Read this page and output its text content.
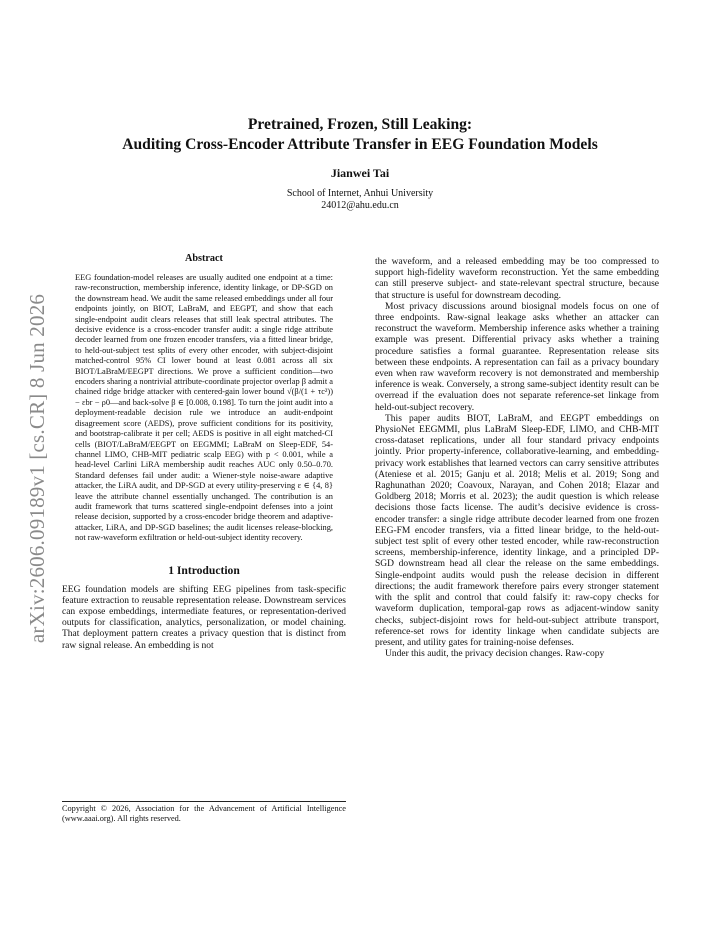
arXiv:2606.09189v1 [cs.CR] 8 Jun 2026
Pretrained, Frozen, Still Leaking:
Auditing Cross-Encoder Attribute Transfer in EEG Foundation Models
Jianwei Tai
School of Internet, Anhui University
24012@ahu.edu.cn
Abstract

EEG foundation-model releases are usually audited one endpoint at a time: raw-reconstruction, membership inference, identity linkage, or DP-SGD on the downstream head. We audit the same released embeddings under all four endpoints jointly, on BIOT, LaBraM, and EEGPT, and show that each single-endpoint audit clears releases that still leak spectral attributes. The decisive evidence is a cross-encoder transfer audit: a single ridge attribute decoder learned from one frozen encoder transfers, via a fitted linear bridge, to held-out-subject test splits of every other encoder, with subject-disjoint matched-control 95% CI lower bound at least 0.081 across all six BIOT/LaBraM/EEGPT directions. We prove a sufficient condition—two encoders sharing a nontrivial attribute-coordinate projector overlap β admit a chained ridge bridge attacker with centered-gain lower bound √(β/(1 + τc²)) − εbr − ρ0—and back-solve β ∈ [0.008, 0.198]. To turn the joint audit into a deployment-readable decision rule we introduce an audit-endpoint disagreement score (AEDS), prove sufficient conditions for its positivity, and bootstrap-calibrate it per cell; AEDS is positive in all eight matched-CI cells (BIOT/LaBraM/EEGPT on EEGMMI; LaBraM on Sleep-EDF, 54-channel LIMO, CHB-MIT pediatric scalp EEG) with p < 0.001, while a head-level Carlini LiRA membership audit reaches AUC only 0.50–0.70. Standard defenses fail under audit: a Wiener-style noise-aware adaptive attacker, the LiRA audit, and DP-SGD at every utility-preserving ε ∈ {4, 8} leave the attribute channel essentially unchanged. The contribution is an audit framework that turns scattered single-endpoint defenses into a joint release decision, supported by a cross-encoder bridge theorem and adaptive-attacker, LiRA, and DP-SGD baselines; the audit licenses release-blocking, not raw-waveform exfiltration or held-out-subject identity recovery.

1 Introduction

EEG foundation models are shifting EEG pipelines from task-specific feature extraction to reusable representation release. Downstream services can expose embeddings, intermediate features, or representation-derived outputs for classification, analytics, personalization, or model chaining. That deployment pattern creates a privacy question that is distinct from raw signal release. An embedding is not

Copyright © 2026, Association for the Advancement of Artificial Intelligence (www.aaai.org). All rights reserved.

the waveform, and a released embedding may be too compressed to support high-fidelity waveform reconstruction. Yet the same embedding can still preserve subject- and state-relevant spectral structure, because that structure is useful for downstream decoding.

Most privacy discussions around biosignal models focus on one of three endpoints. Raw-signal leakage asks whether an attacker can reconstruct the waveform. Membership inference asks whether a training example was present. Differential privacy asks whether a training procedure satisfies a formal guarantee. Representation release sits between these endpoints. A representation can fail as a privacy boundary even when raw waveform recovery is not demonstrated and membership inference is weak. Conversely, a strong same-subject identity result can be overread if the evaluation does not separate reference-set linkage from held-out-subject recovery.

This paper audits BIOT, LaBraM, and EEGPT embeddings on PhysioNet EEGMMI, plus LaBraM Sleep-EDF, LIMO, and CHB-MIT cross-dataset replications, under all four standard privacy endpoints jointly. Prior property-inference, collaborative-learning, and embedding-privacy work establishes that learned vectors can carry sensitive attributes (Ateniese et al. 2015; Ganju et al. 2018; Melis et al. 2019; Song and Raghunathan 2020; Coavoux, Narayan, and Cohen 2018; Elazar and Goldberg 2018; Morris et al. 2023); the audit question is which release decisions those facts license. The audit’s decisive evidence is cross-encoder transfer: a single ridge attribute decoder learned from one frozen EEG-FM encoder transfers, via a fitted linear bridge, to the held-out-subject test split of every other tested encoder, while raw-reconstruction screens, membership-inference, identity linkage, and a principled DP-SGD downstream head all clear the release on the same embeddings. Single-endpoint audits would push the release decision in different directions; the audit framework therefore pairs every stronger statement with the split and control that could falsify it: raw-copy checks for waveform duplication, temporal-gap rows as adjacent-window sanity checks, subject-disjoint rows for held-out-subject attribute transport, reference-set rows for identity linkage when candidate subjects are present, and utility gates for training-noise defenses.

Under this audit, the privacy decision changes. Raw-copy
